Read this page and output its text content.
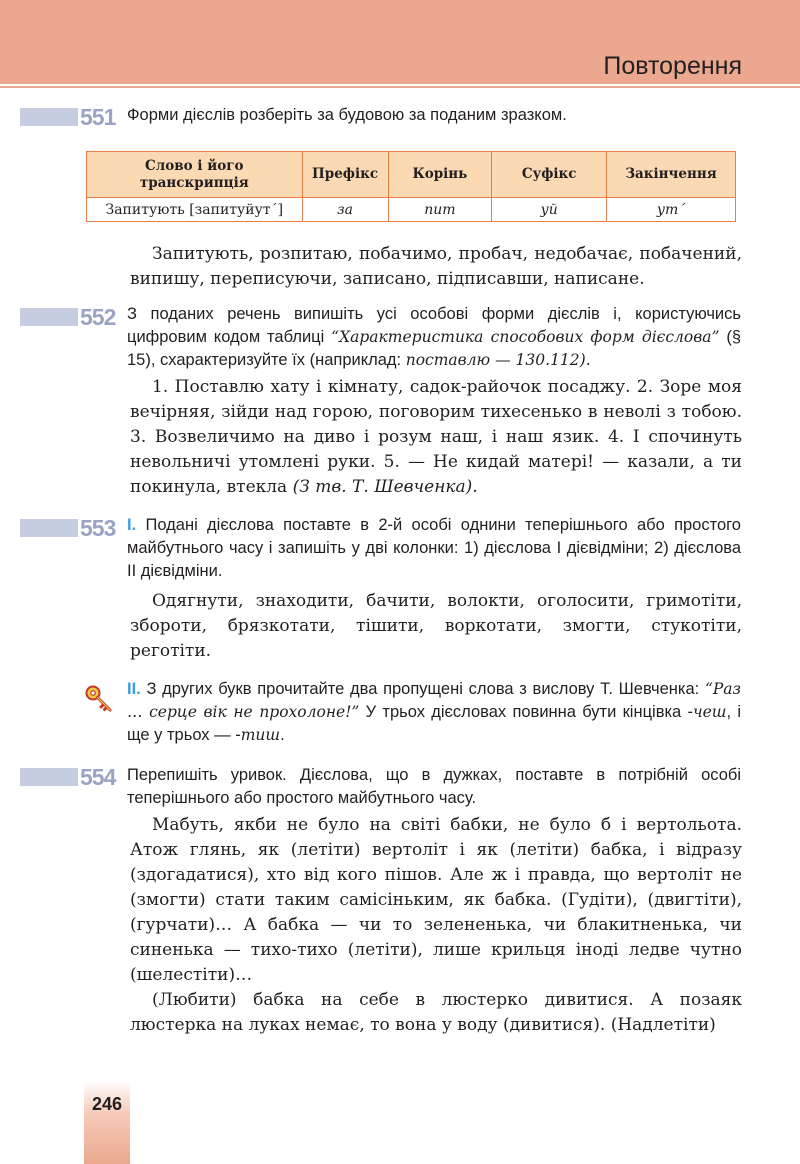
Повторення
551 Форми дієслів розберіть за будовою за поданим зразком.
Слово і його транскрипція	Префікс	Корінь	Суфікс	Закінчення
Запитують [запитуйут´]	за	пит	уй	ут´

Запитують, розпитаю, побачимо, пробач, недобачає, побачений, випишу, переписуючи, записано, підписавши, написане.

552 З поданих речень випишіть усі особові форми дієслів і, користуючись цифровим кодом таблиці “Характеристика способових форм дієслова” (§ 15), схарактеризуйте їх (наприклад: поставлю — 130.112).

1. Поставлю хату і кімнату, садок-райочок посаджу. 2. Зоре моя вечірняя, зійди над горою, поговорим тихесенько в неволі з тобою. 3. Возвеличимо на диво і розум наш, і наш язик. 4. І спочинуть невольничі утомлені руки. 5. — Не кидай матері! — казали, а ти покинула, втекла (З тв. Т. Шевченка).

553 I. Подані дієслова поставте в 2-й особі однини теперішнього або простого майбутнього часу і запишіть у дві колонки: 1) дієслова I дієвідміни; 2) дієслова II дієвідміни.

Одягнути, знаходити, бачити, волокти, оголосити, гримотіти, збороти, брязкотати, тішити, воркотати, змогти, стукотіти, реготіти.

II. З других букв прочитайте два пропущені слова з вислову Т. Шевченка: “Раз … серце вік не прохолоне!” У трьох дієсловах повинна бути кінцівка -чеш, і ще у трьох — -тиш.
554 Перепишіть уривок. Дієслова, що в дужках, поставте в потрібній особі теперішнього або простого майбутнього часу.

Мабуть, якби не було на світі бабки, не було б і вертольота. Атож глянь, як (летіти) вертоліт і як (летіти) бабка, і відразу (здогадатися), хто від кого пішов. Але ж і правда, що вертоліт не (змогти) стати таким самісіньким, як бабка. (Гудіти), (двигтіти), (гурчати)… А бабка — чи то зелененька, чи блакитненька, чи синенька — тихо-тихо (летіти), лише крильця іноді ледве чутно (шелестіти)…

(Любити) бабка на себе в люстерко дивитися. А позаяк люстерка на луках немає, то вона у воду (дивитися). (Надлетіти)

246
